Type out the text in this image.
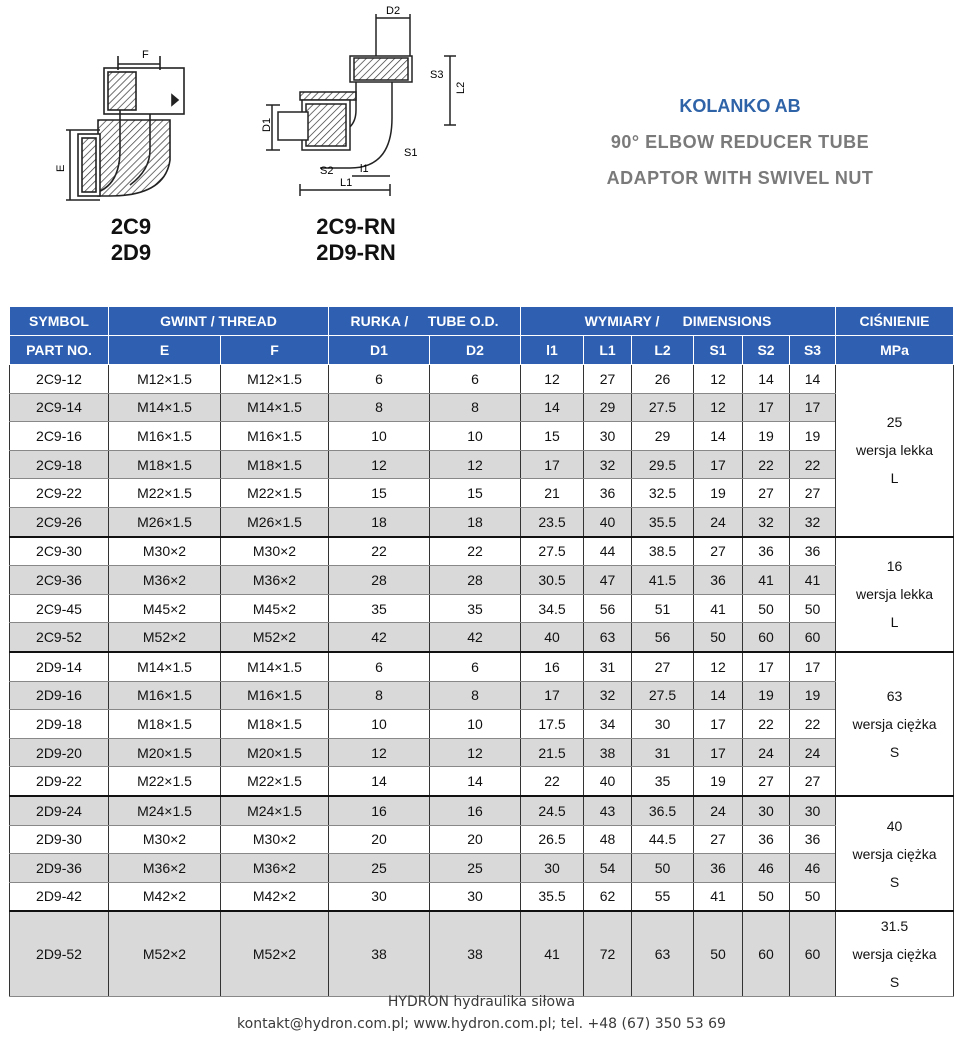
F
E
D2
D1
S3
L2
S1
S2 l1
L1
2C9
2D9
2C9-RN
2D9-RN
KOLANKO AB
90° ELBOW REDUCER TUBE
ADAPTOR WITH SWIVEL NUT
SYMBOL	GWINT / THREAD		RURKA /     TUBE O.D.		WYMIARY /      DIMENSIONS						CIŚNIENIE
PART NO.	E	F	D1	D2	l1	L1	L2	S1	S2	S3	MPa
2C9-12	M12×1.5	M12×1.5	6	6	12	27	26	12	14	14	25
wersja lekka
L

2C9-14	M14×1.5	M14×1.5	8	8	14	29	27.5	12	17	17	
2C9-16	M16×1.5	M16×1.5	10	10	15	30	29	14	19	19	
2C9-18	M18×1.5	M18×1.5	12	12	17	32	29.5	17	22	22	
2C9-22	M22×1.5	M22×1.5	15	15	21	36	32.5	19	27	27	
2C9-26	M26×1.5	M26×1.5	18	18	23.5	40	35.5	24	32	32	
2C9-30	M30×2	M30×2	22	22	27.5	44	38.5	27	36	36	16
wersja lekka
L

2C9-36	M36×2	M36×2	28	28	30.5	47	41.5	36	41	41	
2C9-45	M45×2	M45×2	35	35	34.5	56	51	41	50	50	
2C9-52	M52×2	M52×2	42	42	40	63	56	50	60	60	
2D9-14	M14×1.5	M14×1.5	6	6	16	31	27	12	17	17	63
wersja ciężka
S

2D9-16	M16×1.5	M16×1.5	8	8	17	32	27.5	14	19	19	
2D9-18	M18×1.5	M18×1.5	10	10	17.5	34	30	17	22	22	
2D9-20	M20×1.5	M20×1.5	12	12	21.5	38	31	17	24	24	
2D9-22	M22×1.5	M22×1.5	14	14	22	40	35	19	27	27	
2D9-24	M24×1.5	M24×1.5	16	16	24.5	43	36.5	24	30	30	40
wersja ciężka
S

2D9-30	M30×2	M30×2	20	20	26.5	48	44.5	27	36	36	
2D9-36	M36×2	M36×2	25	25	30	54	50	36	46	46	
2D9-42	M42×2	M42×2	30	30	35.5	62	55	41	50	50	
2D9-52	M52×2	M52×2	38	38	41	72	63	50	60	60	31.5
wersja ciężka
S
HYDRON hydraulika siłowa
kontakt@hydron.com.pl; www.hydron.com.pl; tel. +48 (67) 350 53 69
